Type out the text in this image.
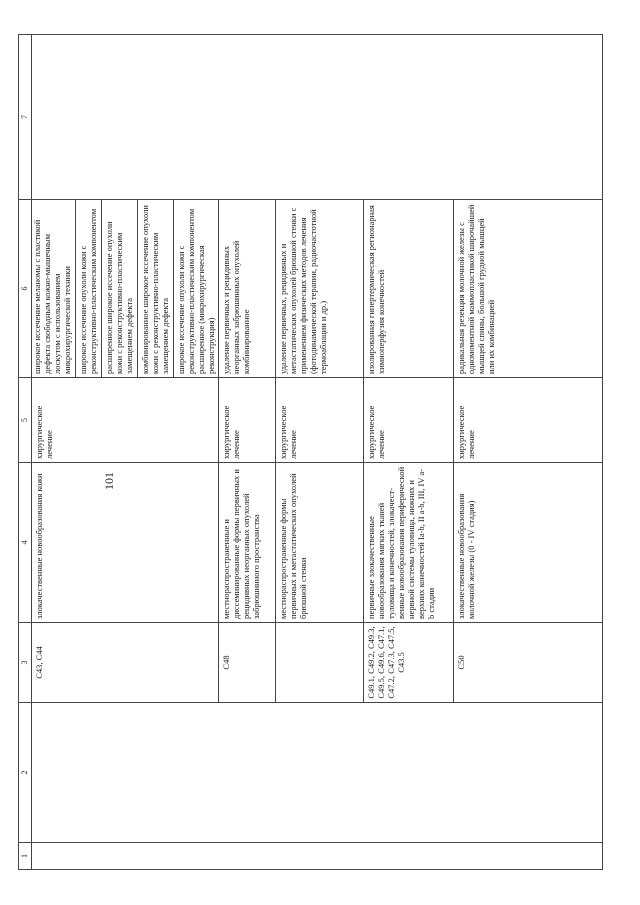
101
1	2	3	4	5	6	7
		C43, C44	злокачественные новообразования кожи	хирургическое лечение	широкое иссечение меланомы с пластикой дефекта свободным кожно-мышечным лоскутом с использованием микрохирургической техники широкое иссечение опухоли кожи с реконструктивно-пластическим компонентом расширенное широкое иссечение опухоли кожи с реконструктивно-пластическим замещением дефекта комбинированное широкое иссечение опухоли кожи с реконструктивно-пластическим замещением дефекта широкое иссечение опухоли кожи с реконструктивно-пластическим компонентом расширенное (микрохирургическая реконструкция)	

		C48	местнораспространенные и диссеминированные формы первичных и рецидивных неорганных опухолей забрюшинного пространства	хирургическое лечение	удаление первичных и рецидивных неорганных забрюшинных опухолей комбинированное	
			местнораспространенные формы первичных и метастатических опухолей брюшной стенки	хирургическое лечение	удаление первичных, рецидивных и метастатических опухолей брюшной стенки с применением физических методов лечения (фотодинамической терапии, радиочастотной термоаблации и др.)	
		C49.1, C49.2, C49.3, C49.5, C49.6, C47.1, C47.2, C47.3, C47.5, C43.5	первичные злокачественные новообразования мягких тканей туловища и конечностей, злокачественные новообразования периферической нервной системы туловища, нижних и верхних конечностей Ia-b, II a-b, III, IV a-b стадии	хирургическое лечение	изолированная гипертермическая регионарная химиоперфузия конечностей	
		C50	злокачественные новообразования молочной железы (0 - IV стадия)	хирургическое лечение	радикальная резекция молочной железы с одномоментной маммопластикой широчайшей мышцей спины, большой грудной мышцей или их комбинацией	
